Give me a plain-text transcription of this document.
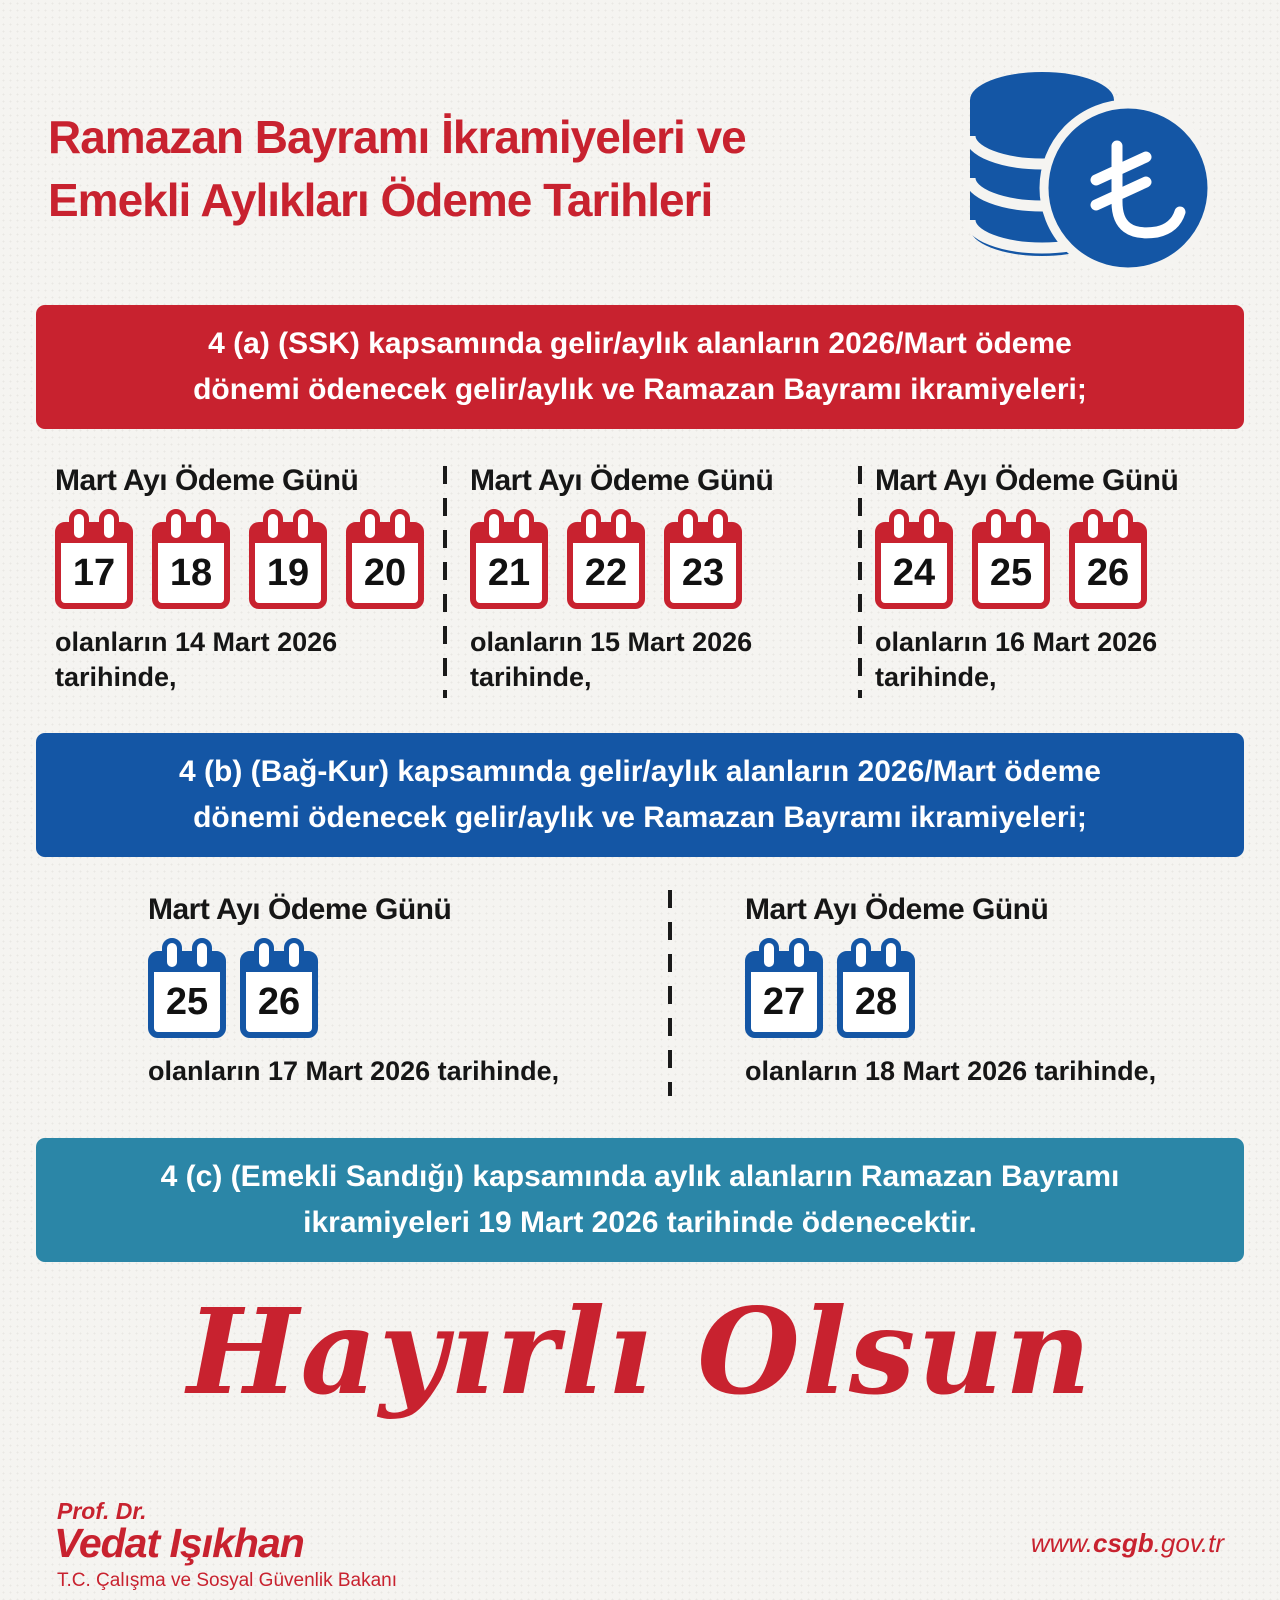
Ramazan Bayramı İkramiyeleri ve
Emekli Aylıkları Ödeme Tarihleri
4 (a) (SSK) kapsamında gelir/aylık alanların 2026/Mart ödeme
dönemi ödenecek gelir/aylık ve Ramazan Bayramı ikramiyeleri;
Mart Ayı Ödeme Günü
17 18 19 20
olanların 14 Mart 2026
tarihinde,
Mart Ayı Ödeme Günü
21 22 23
olanların 15 Mart 2026
tarihinde,
Mart Ayı Ödeme Günü
24 25 26
olanların 16 Mart 2026
tarihinde,
4 (b) (Bağ-Kur) kapsamında gelir/aylık alanların 2026/Mart ödeme
dönemi ödenecek gelir/aylık ve Ramazan Bayramı ikramiyeleri;
Mart Ayı Ödeme Günü
25 26
olanların 17 Mart 2026 tarihinde,
Mart Ayı Ödeme Günü
27 28
olanların 18 Mart 2026 tarihinde,
4 (c) (Emekli Sandığı) kapsamında aylık alanların Ramazan Bayramı
ikramiyeleri 19 Mart 2026 tarihinde ödenecektir.
Hayırlı Olsun
Prof. Dr.
Vedat Işıkhan
T.C. Çalışma ve Sosyal Güvenlik Bakanı
www.csgb.gov.tr
